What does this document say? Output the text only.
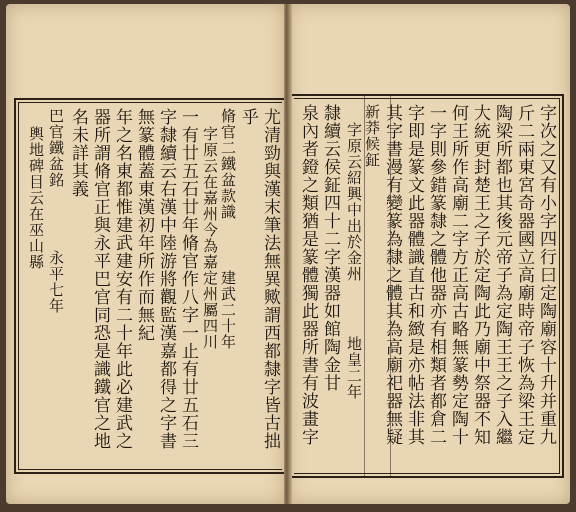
字次之又有小字四行曰定陶廟容十升并重九
斤二兩東宮奇器國立高廟時帝子恢為梁王定
陶梁所都也其後元帝子為定陶王王之子入繼
大統更封楚王之子於定陶此乃廟中祭器不知
何王所作高廟二字方正高古略無篆勢定陶十
一字則參錯篆隸之體他器亦有相類者都倉二
字即是篆文此器體識直古和緻是亦帖法非其
其字書漫有變篆為隸之體其為高廟祀器無疑
新莽候鉦
字原云紹興中出於金州
地皇二年
隸續云侯鉦四十二字漢器如館陶金甘
泉內者鐙之類猶是篆體獨此器所書有波畫字
尤清勁與漢末筆法無異歟謂西都隸字皆古拙
乎
脩官二鐵盆款識
建武二十年
字原云在嘉州今為嘉定州屬四川
一有廿五石廿年脩官作八字一止有廿五石三
字隸續云右漢中陸游將觀監漢嘉都得之字書
無篆體蓋東漢初年所作而無紀
年之名東都惟建武建安有二十年此必建武之
器所謂脩官正與永平巴官同恐是識鐵官之地
名未詳其義
巴官鐵盆銘
永平七年
輿地碑目云在巫山縣
